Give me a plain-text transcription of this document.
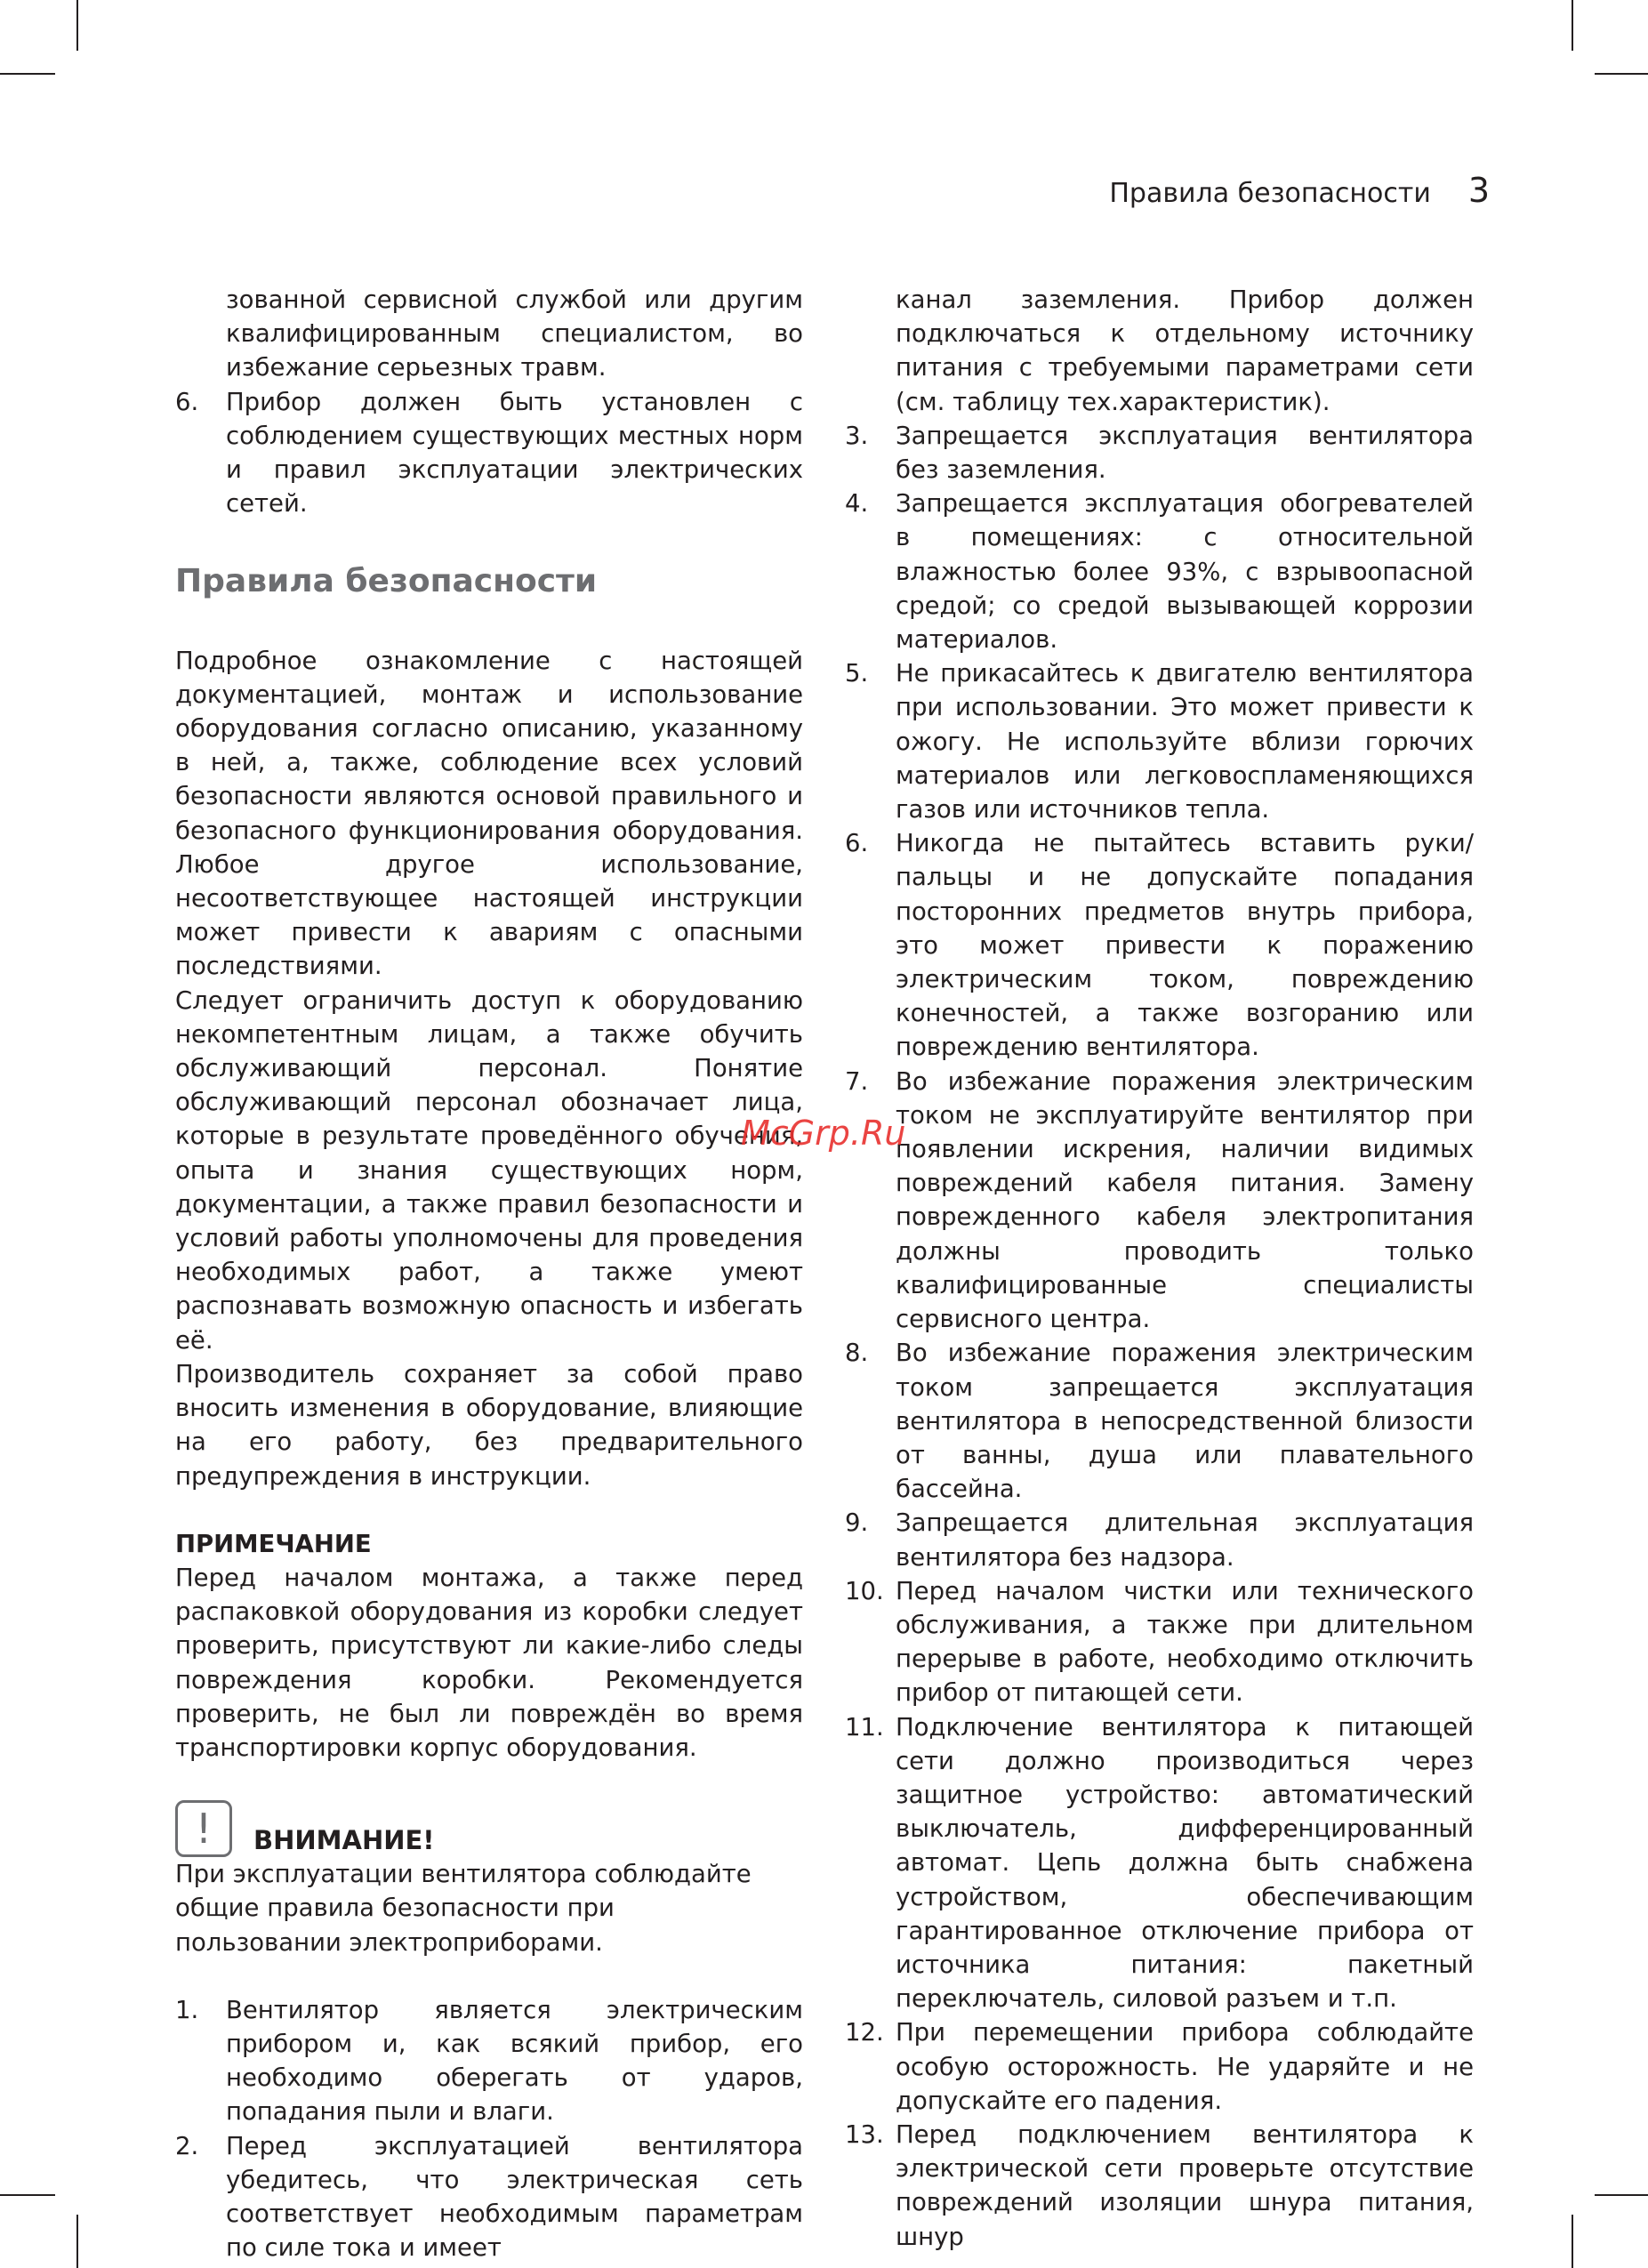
Правила безопасности 3

зованной сервисной службой или другим квалифицированным специалистом, во избежание серьезных травм.

6.	Прибор должен быть установлен с соблюдением существующих местных норм и правил эксплуатации электрических сетей.
Правила безопасности

Подробное ознакомление с настоящей документацией, монтаж и использование оборудования согласно описанию, указанному в ней, а, также, соблюдение всех условий безопасности являются основой правильного и безопасного функционирования оборудования. Любое другое использование, несоответствующее настоящей инструкции может привести к авариям с опасными последствиями.

Следует ограничить доступ к оборудованию некомпетентным лицам, а также обучить обслуживающий персонал. Понятие обслуживающий персонал обозначает лица, которые в результате проведённого обучения, опыта и знания существующих норм, документации, а также правил безопасности и условий работы уполномочены для проведения необходимых работ, а также умеют распознавать возможную опасность и избегать её.

Производитель сохраняет за собой право вносить изменения в оборудование, влияющие на его работу, без предварительного предупреждения в инструкции.

ПРИМЕЧАНИЕ

Перед началом монтажа, а также перед распаковкой оборудования из коробки следует проверить, присутствуют ли какие-либо следы повреждения коробки. Рекомендуется проверить, не был ли повреждён во время транспортировки корпус оборудования.

!	ВНИМАНИЕ!

При эксплуатации вентилятора соблюдайте общие правила безопасности при пользовании электроприборами.

1.	Вентилятор является электрическим прибором и, как всякий прибор, его необходимо оберегать от ударов, попадания пыли и влаги.
2.	Перед эксплуатацией вентилятора убедитесь, что электрическая сеть соответствует необходимым параметрам по силе тока и имеет

канал заземления. Прибор должен подключаться к отдельному источнику питания с требуемыми параметрами сети (см. таблицу тех.характеристик).

3.	Запрещается эксплуатация вентилятора без заземления.
4.	Запрещается эксплуатация обогревателей в помещениях: с относительной влажностью более 93%, с взрывоопасной средой; со средой вызывающей коррозии материалов.
5.	Не прикасайтесь к двигателю вентилятора при использовании. Это может привести к ожогу. Не используйте вблизи горючих материалов или легковоспламеняющихся газов или источников тепла.
6.	Никогда не пытайтесь вставить руки/пальцы и не допускайте попадания посторонних предметов внутрь прибора, это может привести к поражению электрическим током, повреждению конечностей, а также возгоранию или повреждению вентилятора.
7.	Во избежание поражения электрическим током не эксплуатируйте вентилятор при появлении искрения, наличии видимых повреждений кабеля питания. Замену поврежденного кабеля электропитания должны проводить только квалифицированные специалисты сервисного центра.
8.	Во избежание поражения электрическим током запрещается эксплуатация вентилятора в непосредственной близости от ванны, душа или плавательного бассейна.
9.	Запрещается длительная эксплуатация вентилятора без надзора.
10. Перед началом чистки или технического обслуживания, а также при длительном перерыве в работе, необходимо отключить прибор от питающей сети.
11. Подключение вентилятора к питающей сети должно производиться через защитное устройство: автоматический выключатель, дифференцированный автомат. Цепь должна быть снабжена устройством, обеспечивающим гарантированное отключение прибора от источника питания: пакетный переключатель, силовой разъем и т.п.
12. При перемещении прибора соблюдайте особую осторожность. Не ударяйте и не допускайте его падения.
13. Перед подключением вентилятора к электрической сети проверьте отсутствие повреждений изоляции шнура питания, шнур
McGrp.Ru
